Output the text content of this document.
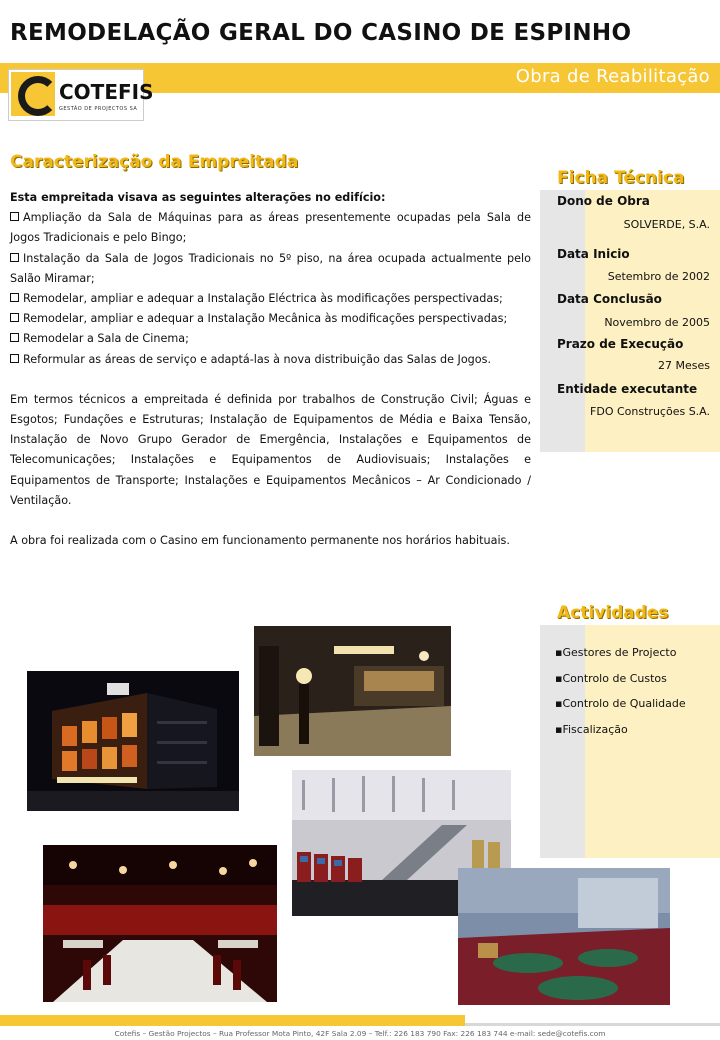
REMODELAÇÃO GERAL DO CASINO DE ESPINHO
Obra de Reabilitação
COTEFIS
GESTÃO DE PROJECTOS SA
Caracterização da Empreitada

Esta empreitada visava as seguintes alterações no edifício:

Ampliação da Sala de Máquinas para as áreas presentemente ocupadas pela Sala de Jogos Tradicionais e pelo Bingo;

Instalação da Sala de Jogos Tradicionais no 5º piso, na área ocupada actualmente pelo Salão Miramar;

Remodelar, ampliar e adequar a Instalação Eléctrica às modificações perspectivadas;

Remodelar, ampliar e adequar a Instalação Mecânica às modificações perspectivadas;

Remodelar a Sala de Cinema;

Reformular as áreas de serviço e adaptá-las à nova distribuição das Salas de Jogos.

Em termos técnicos a empreitada é definida por trabalhos de Construção Civil; Águas e Esgotos; Fundações e Estruturas; Instalação de Equipamentos de Média e Baixa Tensão, Instalação de Novo Grupo Gerador de Emergência, Instalações e Equipamentos de Telecomunicações; Instalações e Equipamentos de Audiovisuais; Instalações e Equipamentos de Transporte; Instalações e Equipamentos Mecânicos – Ar Condicionado / Ventilação.

A obra foi realizada com o Casino em funcionamento permanente nos horários habituais.

Ficha Técnica
Dono de Obra
SOLVERDE, S.A.
Data Inicio
Setembro de 2002
Data Conclusão
Novembro de 2005
Prazo de Execução
27 Meses
Entidade executante
FDO Construções S.A.
Actividades
▪Gestores de Projecto
▪Controlo de Custos
▪Controlo de Qualidade
▪Fiscalização
Cotefis – Gestão Projectos – Rua Professor Mota Pinto, 42F Sala 2.09 – Telf.: 226 183 790 Fax: 226 183 744 e-mail: sede@cotefis.com
